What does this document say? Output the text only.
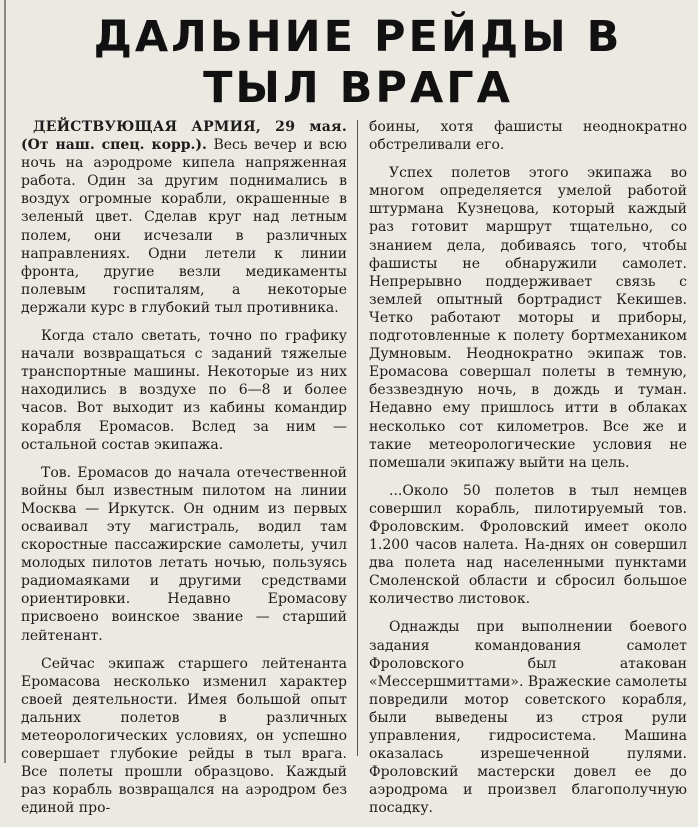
ДАЛЬНИЕ РЕЙДЫ В
ТЫЛ ВРАГА

ДЕЙСТВУЮЩАЯ АРМИЯ, 29 мая. (От наш. спец. корр.). Весь вечер и всю ночь на аэродроме кипела напряженная работа. Один за другим поднимались в воздух огромные корабли, окрашенные в зеленый цвет. Сделав круг над летным полем, они исчезали в различных направлениях. Одни летели к линии фронта, другие везли медикаменты полевым госпиталям, а некоторые держали курс в глубокий тыл противника.

Когда стало светать, точно по графику начали возвращаться с заданий тяжелые транспортные машины. Некоторые из них находились в воздухе по 6—8 и более часов. Вот выходит из кабины командир корабля Еромасов. Вслед за ним — остальной состав экипажа.

Тов. Еромасов до начала отечественной войны был известным пилотом на линии Москва — Иркутск. Он одним из первых осваивал эту магистраль, водил там скоростные пассажирские самолеты, учил молодых пилотов летать ночью, пользуясь радиомаяками и другими средствами ориентировки. Недавно Еромасову присвоено воинское звание — старший лейтенант.

Сейчас экипаж старшего лейтенанта Еромасова несколько изменил характер своей деятельности. Имея большой опыт дальних полетов в различных метеорологических условиях, он успешно совершает глубокие рейды в тыл врага. Все полеты прошли образцово. Каждый раз корабль возвращался на аэродром без единой про-

боины, хотя фашисты неоднократно обстреливали его.

Успех полетов этого экипажа во многом определяется умелой работой штурмана Кузнецова, который каждый раз готовит маршрут тщательно, со знанием дела, добиваясь того, чтобы фашисты не обнаружили самолет. Непрерывно поддерживает связь с землей опытный бортрадист Кекишев. Четко работают моторы и приборы, подготовленные к полету бортмехаником Думновым. Неоднократно экипаж тов. Еромасова совершал полеты в темную, беззвездную ночь, в дождь и туман. Недавно ему пришлось итти в облаках несколько сот километров. Все же и такие метеорологические условия не помешали экипажу выйти на цель.

...Около 50 полетов в тыл немцев совершил корабль, пилотируемый тов. Фроловским. Фроловский имеет около 1.200 часов налета. На-днях он совершил два полета над населенными пунктами Смоленской области и сбросил большое количество листовок.

Однажды при выполнении боевого задания командования самолет Фроловского был атакован «Мессершмиттами». Вражеские самолеты повредили мотор советского корабля, были выведены из строя рули управления, гидросистема. Машина оказалась изрешеченной пулями. Фроловский мастерски довел ее до аэродрома и произвел благополучную посадку.
